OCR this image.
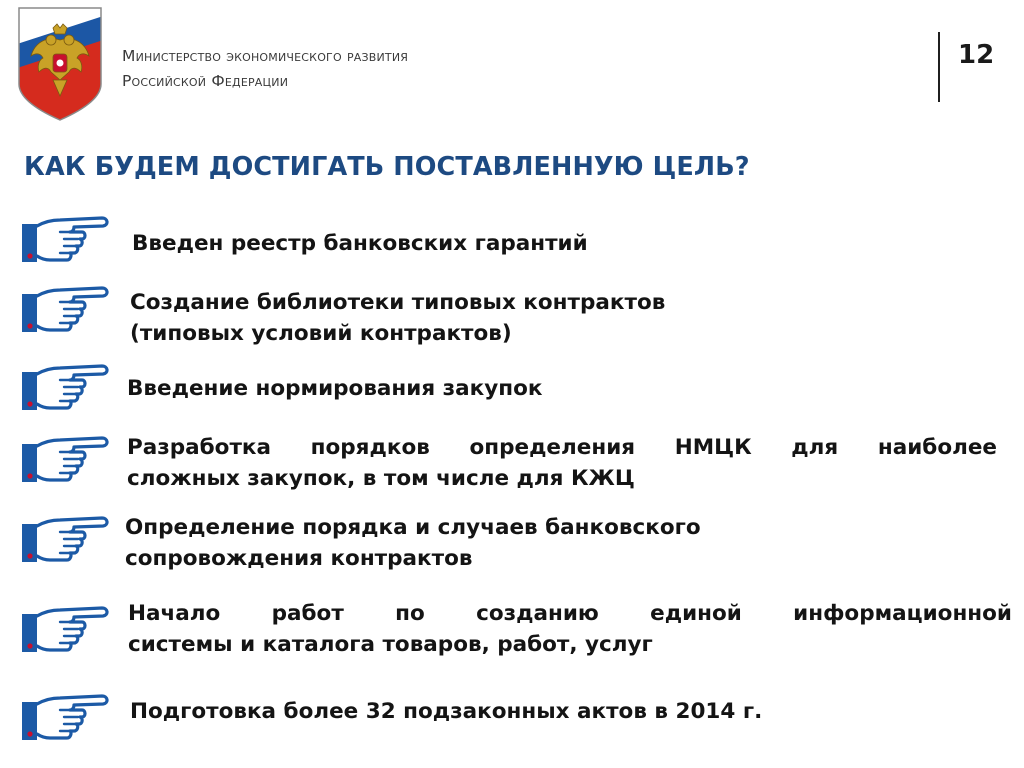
Министерство экономического развития
Российской Федерации
12
КАК БУДЕМ ДОСТИГАТЬ ПОСТАВЛЕННУЮ ЦЕЛЬ?
Введен реестр банковских гарантий
Создание библиотеки типовых контрактов
(типовых условий контрактов)
Введение нормирования закупок
Разработка порядков определения НМЦК для наиболее
сложных закупок, в том числе для КЖЦ
Определение порядка и случаев банковского
сопровождения контрактов
Начало работ по созданию единой информационной
системы и каталога товаров, работ, услуг
Подготовка более 32 подзаконных актов в 2014 г.
